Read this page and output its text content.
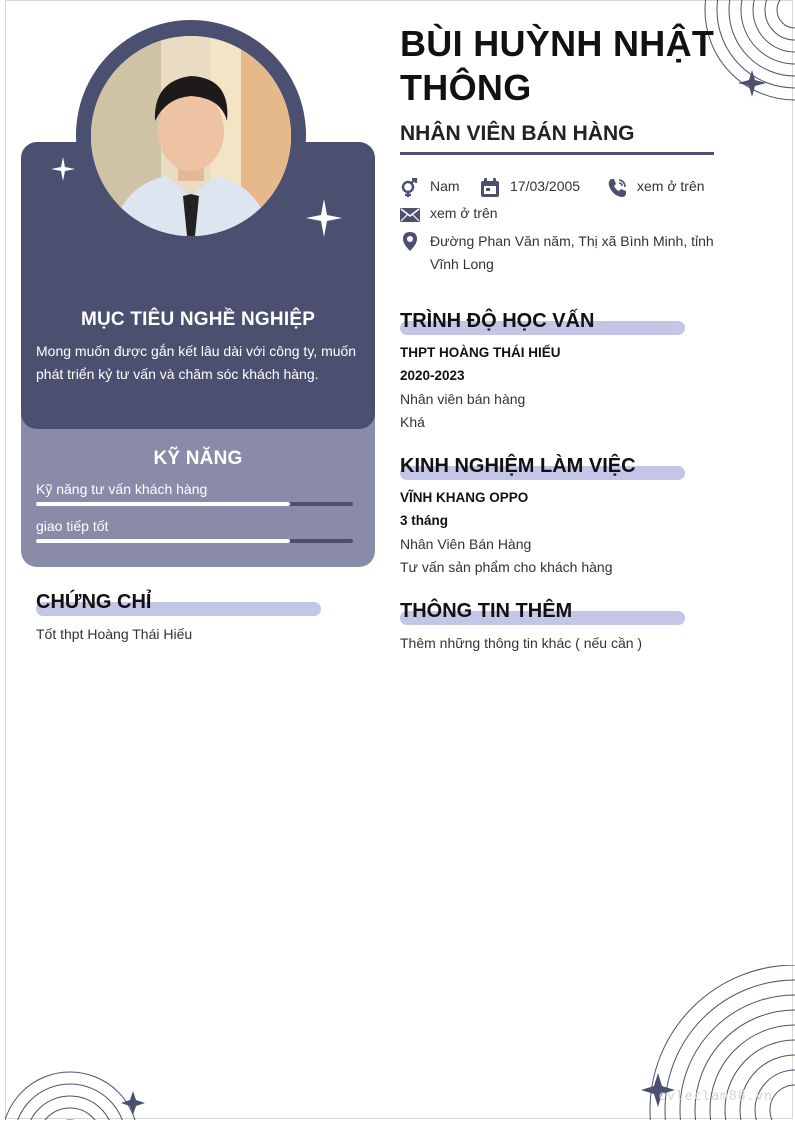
MỤC TIÊU NGHỀ NGHIỆP
Mong muốn được gắn kết lâu dài với công ty, muốn phát triển kỷ tư vấn và chăm sóc khách hàng.
KỸ NĂNG
Kỹ năng tư vấn khách hàng
giao tiếp tốt
CHỨNG CHỈ
Tốt thpt Hoàng Thái Hiếu
BÙI HUỲNH NHẬT THÔNG
NHÂN VIÊN BÁN HÀNG
Nam	17/03/2005	xem ở trên
xem ở trên
Đường Phan Văn năm, Thị xã Bình Minh, tỉnh Vĩnh Long
TRÌNH ĐỘ HỌC VẤN
THPT HOÀNG THÁI HIẾU
2020-2023
Nhân viên bán hàng
Khá
KINH NGHIỆM LÀM VIỆC
VĨNH KHANG OPPO
3 tháng
Nhân Viên Bán Hàng
Tư vấn sản phẩm cho khách hàng
THÔNG TIN THÊM
Thêm những thông tin khác ( nếu cần )
cvleclam88.vn
